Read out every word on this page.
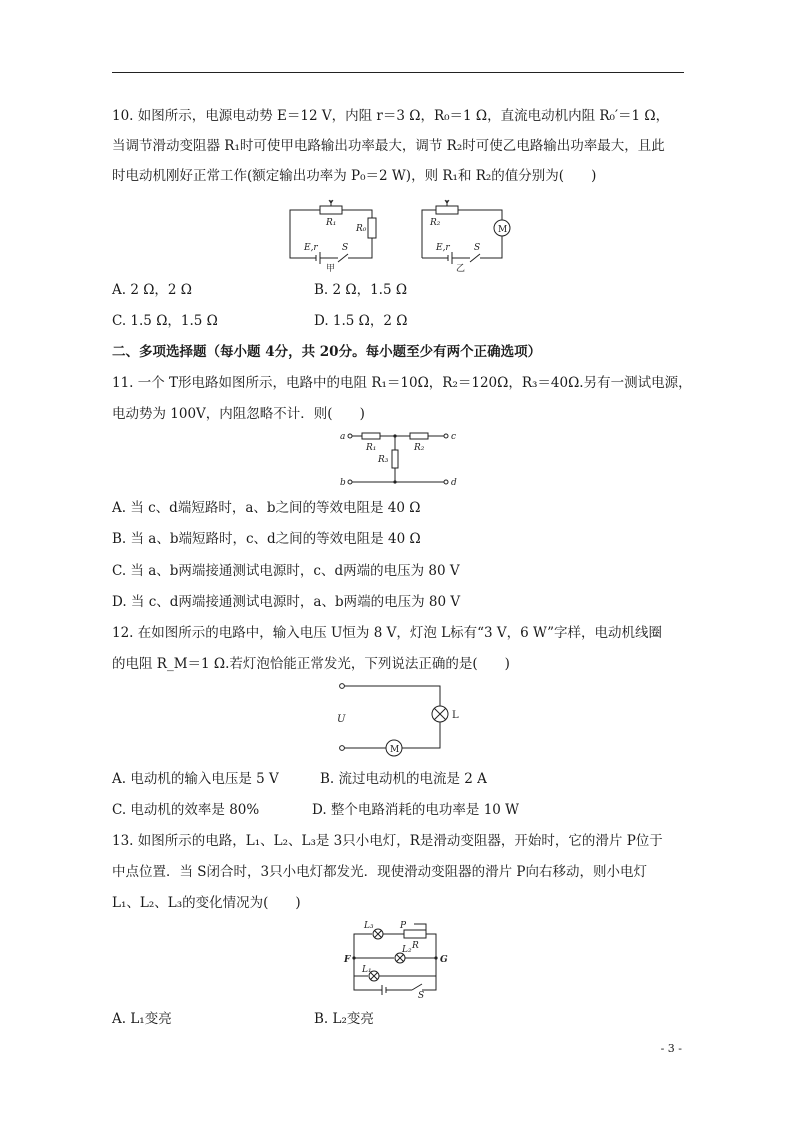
10. 如图所示，电源电动势 E＝12 V，内阻 r＝3 Ω，R₀＝1 Ω，直流电动机内阻 R₀′＝1 Ω，
当调节滑动变阻器 R₁时可使甲电路输出功率最大，调节 R₂时可使乙电路输出功率最大，且此
时电动机刚好正常工作(额定输出功率为 P₀＝2 W)，则 R₁和 R₂的值分别为(　　)
R₁
R₀
E,r	S
甲
R₂
M
E,r	S
乙
A. 2 Ω，2 Ω	B. 2 Ω，1.5 Ω
C. 1.5 Ω，1.5 Ω	D. 1.5 Ω，2 Ω
二、多项选择题（每小题 4分，共 20分。每小题至少有两个正确选项）
11. 一个 T形电路如图所示，电路中的电阻 R₁＝10Ω，R₂＝120Ω，R₃＝40Ω.另有一测试电源，
电动势为 100V，内阻忽略不计．则(　　)
a
b
c
d
R₁	R₂
R₃
A. 当 c、d端短路时，a、b之间的等效电阻是 40 Ω
B. 当 a、b端短路时，c、d之间的等效电阻是 40 Ω
C. 当 a、b两端接通测试电源时，c、d两端的电压为 80 V
D. 当 c、d两端接通测试电源时，a、b两端的电压为 80 V
12. 在如图所示的电路中，输入电压 U恒为 8 V，灯泡 L标有“3 V，6 W”字样，电动机线圈
的电阻 R_M＝1 Ω.若灯泡恰能正常发光，下列说法正确的是(　　)
U	L
M
A. 电动机的输入电压是 5 V	B. 流过电动机的电流是 2 A
C. 电动机的效率是 80%	D. 整个电路消耗的电功率是 10 W
13. 如图所示的电路，L₁、L₂、L₃是 3只小电灯，R是滑动变阻器，开始时，它的滑片 P位于
中点位置．当 S闭合时，3只小电灯都发光．现使滑动变阻器的滑片 P向右移动，则小电灯
L₁、L₂、L₃的变化情况为(　　)
L₃	P
R
L₂
F
L₁
G
S
A. L₁变亮	B. L₂变亮
- 3 -
